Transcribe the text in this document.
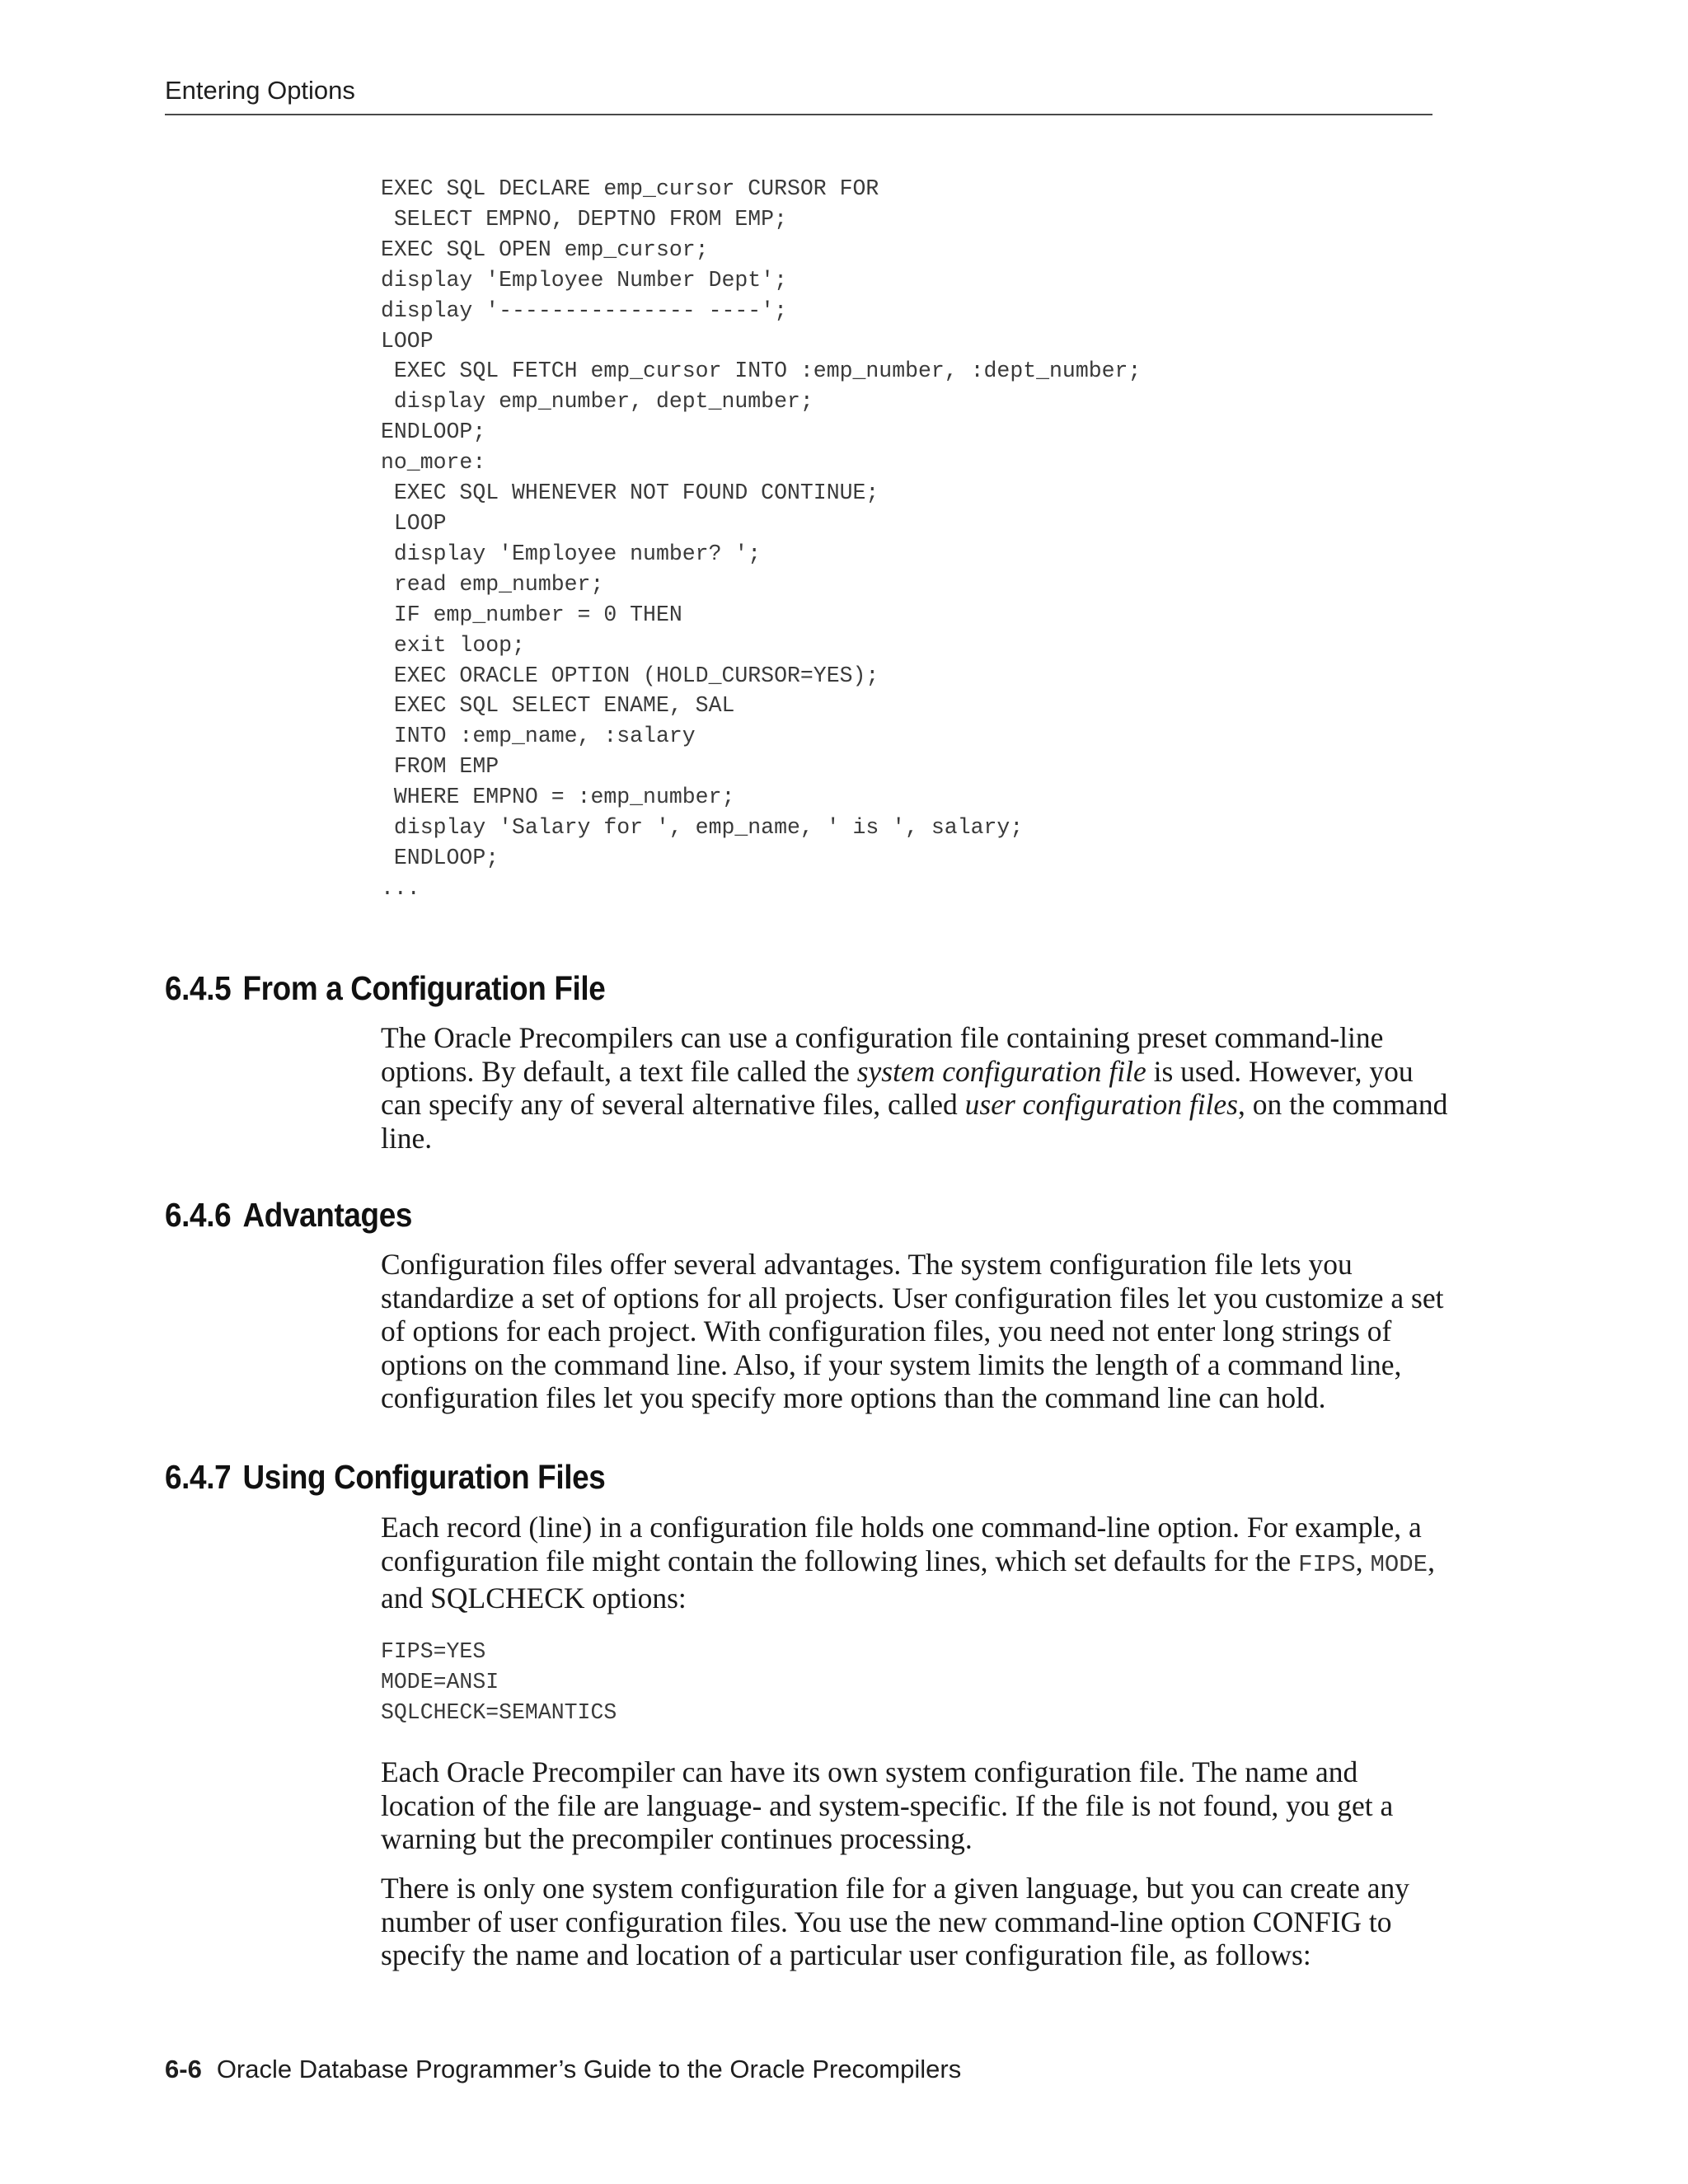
Entering Options
EXEC SQL DECLARE emp_cursor CURSOR FOR
SELECT EMPNO, DEPTNO FROM EMP;
EXEC SQL OPEN emp_cursor;
display 'Employee Number Dept';
display '--------------- ----';
LOOP
EXEC SQL FETCH emp_cursor INTO :emp_number, :dept_number;
display emp_number, dept_number;
ENDLOOP;
no_more:
EXEC SQL WHENEVER NOT FOUND CONTINUE;
LOOP
display 'Employee number? ';
read emp_number;
IF emp_number = 0 THEN
exit loop;
EXEC ORACLE OPTION (HOLD_CURSOR=YES);
EXEC SQL SELECT ENAME, SAL
INTO :emp_name, :salary
FROM EMP
WHERE EMPNO = :emp_number;
display 'Salary for ', emp_name, ' is ', salary;
ENDLOOP;
...
6.4.5 From a Configuration File

The Oracle Precompilers can use a configuration file containing preset command-line options. By default, a text file called the system configuration file is used. However, you can specify any of several alternative files, called user configuration files, on the command line.

6.4.6 Advantages

Configuration files offer several advantages. The system configuration file lets you standardize a set of options for all projects. User configuration files let you customize a set of options for each project. With configuration files, you need not enter long strings of options on the command line. Also, if your system limits the length of a command line, configuration files let you specify more options than the command line can hold.

6.4.7 Using Configuration Files

Each record (line) in a configuration file holds one command-line option. For example, a configuration file might contain the following lines, which set defaults for the FIPS, MODE, and SQLCHECK options:

FIPS=YES
MODE=ANSI
SQLCHECK=SEMANTICS

Each Oracle Precompiler can have its own system configuration file. The name and location of the file are language- and system-specific. If the file is not found, you get a warning but the precompiler continues processing.

There is only one system configuration file for a given language, but you can create any number of user configuration files. You use the new command-line option CONFIG to specify the name and location of a particular user configuration file, as follows:

6-6 Oracle Database Programmer’s Guide to the Oracle Precompilers
